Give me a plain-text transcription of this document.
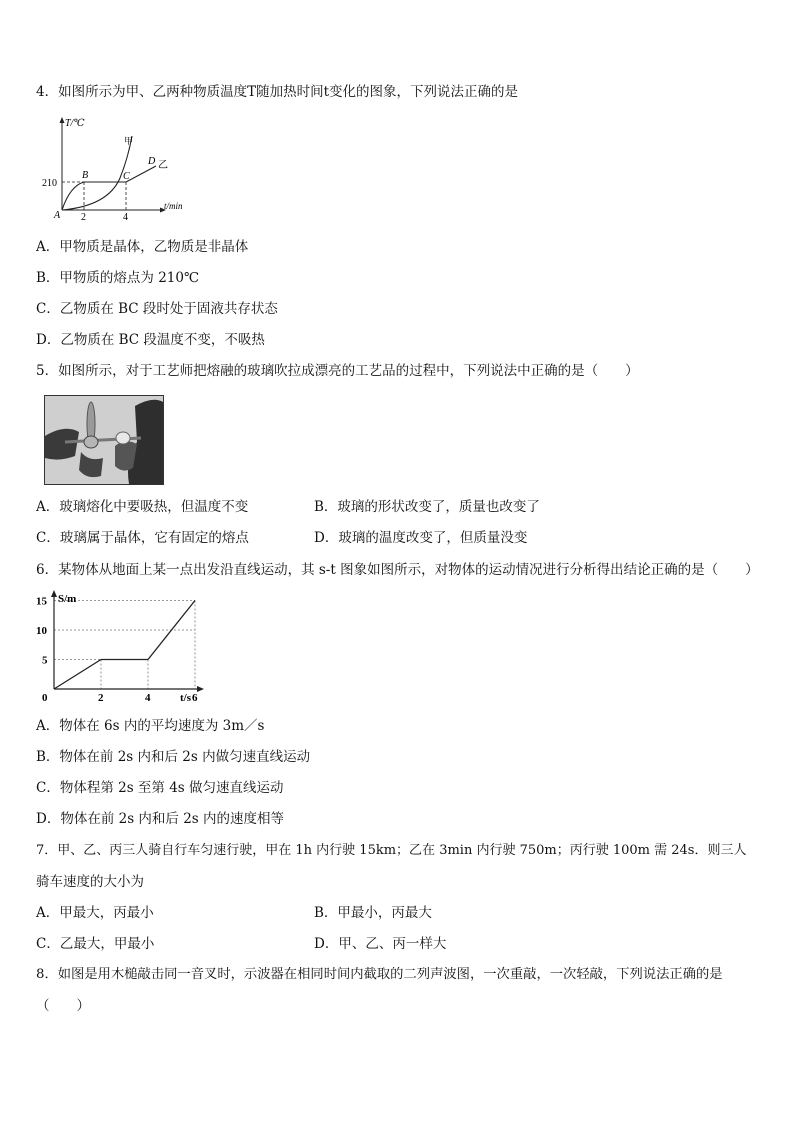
4．如图所示为甲、乙两种物质温度T随加热时间t变化的图象，下列说法正确的是
T/℃
t/min
210
2	4
A
B	C
D
甲
乙
A．甲物质是晶体，乙物质是非晶体
B．甲物质的熔点为 210℃
C．乙物质在 BC 段时处于固液共存状态
D．乙物质在 BC 段温度不变，不吸热
5．如图所示，对于工艺师把熔融的玻璃吹拉成漂亮的工艺品的过程中，下列说法中正确的是（　　）
A．玻璃熔化中要吸热，但温度不变	B．玻璃的形状改变了，质量也改变了
C．玻璃属于晶体，它有固定的熔点	D．玻璃的温度改变了，但质量没变
6．某物体从地面上某一点出发沿直线运动，其 s-t 图象如图所示，对物体的运动情况进行分析得出结论正确的是（　　）
0	2	4	6
5
10
15 S/m
t/s
A．物体在 6s 内的平均速度为 3m／s
B．物体在前 2s 内和后 2s 内做匀速直线运动
C．物体程第 2s 至第 4s 做匀速直线运动
D．物体在前 2s 内和后 2s 内的速度相等
7．甲、乙、丙三人骑自行车匀速行驶，甲在 1h 内行驶 15km；乙在 3min 内行驶 750m；丙行驶 100m 需 24s．则三人
骑车速度的大小为
A．甲最大，丙最小	B．甲最小，丙最大
C．乙最大，甲最小	D．甲、乙、丙一样大
8．如图是用木槌敲击同一音叉时，示波器在相同时间内截取的二列声波图，一次重敲，一次轻敲，下列说法正确的是
（　　）
